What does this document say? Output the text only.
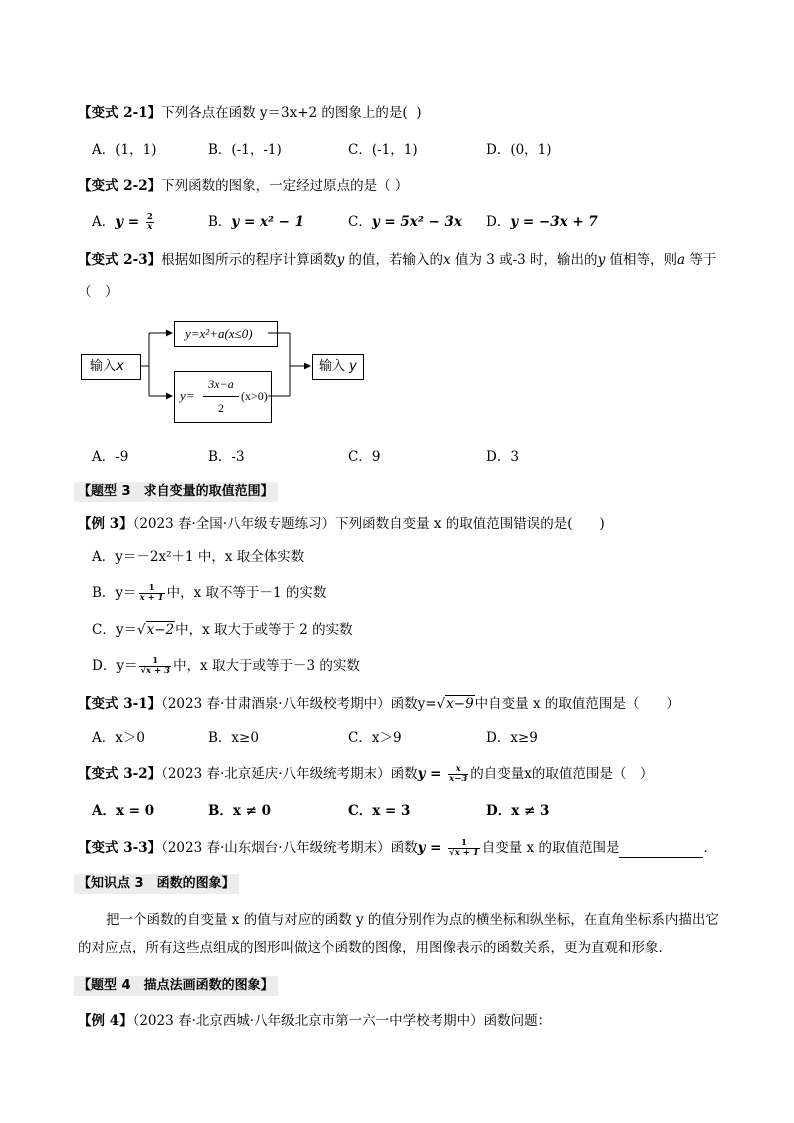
【变式 2-1】下列各点在函数 y＝3x+2 的图象上的是( )
A．(1，1)	B．(-1，-1)	C．(-1，1)	D．(0，1)
【变式 2-2】下列函数的图象，一定经过原点的是（ ）
A．$y = \frac{2}{x}$	B．y = x² − 1	C．y = 5x² − 3x D．y = −3x + 7
【变式 2-3】根据如图所示的程序计算函数y 的值，若输入的x 值为 3 或-3 时，输出的y 值相等，则a 等于
（　）
输入x
y=x²+a(x≤0)
y=
3x−a
2
(x>0)
输入 y
A．-9	B．-3	C．9	D．3
【题型 3　求自变量的取值范围】
【例 3】（2023 春·全国·八年级专题练习）下列函数自变量 x 的取值范围错误的是(　　)
A．y＝－2x²＋1 中，x 取全体实数
B．$y= \frac{1}{x + 1}$ 中，x 取不等于－1 的实数
C．y＝√x−2中，x 取大于或等于 2 的实数
D．$y= \frac{1}{√x + 3}$ 中，x 取大于或等于－3 的实数
【变式 3-1】（2023 春·甘肃酒泉·八年级校考期中）函数y=√x−9中自变量 x 的取值范围是（　　）
A．x＞0	B．x≥0	C．x＞9	D．x≥9
【变式 3-2】（2023 春·北京延庆·八年级统考期末）函数$y = \frac{x}{x-3}$ 的自变量x的取值范围是（　）
A．x = 0	B．x ≠ 0	C．x = 3	D．x ≠ 3
【变式 3-3】（2023 春·山东烟台·八年级统考期末）函数$y = \frac{1}{√x + 1}$ 自变量 x 的取值范围是	．
【知识点 3　函数的图象】
把一个函数的自变量 x 的值与对应的函数 y 的值分别作为点的横坐标和纵坐标，在直角坐标系内描出它的对应点，所有这些点组成的图形叫做这个函数的图像，用图像表示的函数关系，更为直观和形象．
【题型 4　描点法画函数的图象】
【例 4】（2023 春·北京西城·八年级北京市第一六一中学校考期中）函数问题：
